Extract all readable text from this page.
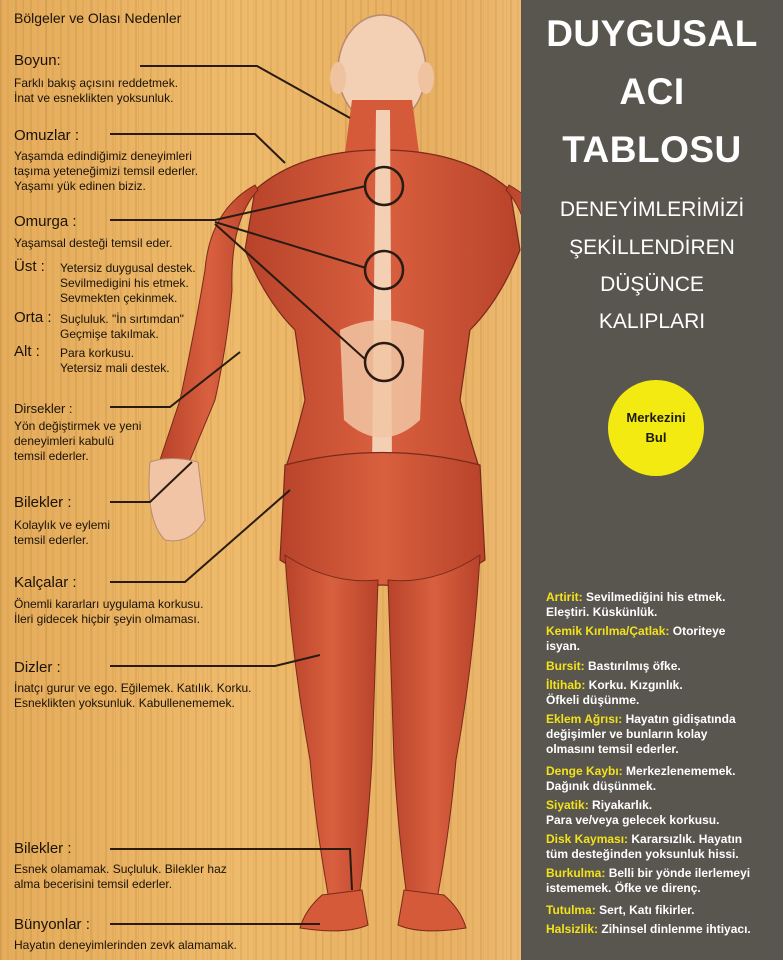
Bölgeler ve Olası Nedenler
Boyun:
Farklı bakış açısını reddetmek.
İnat ve esneklikten yoksunluk.
Omuzlar :
Yaşamda edindiğimiz deneyimleri
taşıma yeteneğimizi temsil ederler.
Yaşamı yük edinen biziz.
Omurga :
Yaşamsal desteği temsil eder.
Üst : Yetersiz duygusal destek.
Sevilmedigini his etmek.
Sevmekten çekinmek.
Orta : Suçluluk. "İn sırtımdan"
Geçmişe takılmak.
Alt : Para korkusu.
Yetersiz mali destek.
Dirsekler :
Yön değiştirmek ve yeni
deneyimleri kabulü
temsil ederler.
Bilekler :
Kolaylık ve eylemi
temsil ederler.
Kalçalar :
Önemli kararları uygulama korkusu.
İleri gidecek hiçbir şeyin olmaması.
Dizler :
İnatçı gurur ve ego. Eğilemek. Katılık. Korku.
Esneklikten yoksunluk. Kabullenememek.
Bilekler :
Esnek olamamak. Suçluluk. Bilekler haz
alma becerisini temsil ederler.
Bünyonlar :
Hayatın deneyimlerinden zevk alamamak.
DUYGUSAL
ACI
TABLOSU
DENEYİMLERİMİZİ
ŞEKİLLENDİREN
DÜŞÜNCE
KALIPLARI
Merkezini
Bul
Artirit: Sevilmediğini his etmek.
Eleştiri. Küskünlük.
Kemik Kırılma/Çatlak: Otoriteye
isyan.
Bursit: Bastırılmış öfke.
İltihab: Korku. Kızgınlık.
Öfkeli düşünme.
Eklem Ağrısı: Hayatın gidişatında
değişimler ve bunların kolay
olmasını temsil ederler.
Denge Kaybı: Merkezlenememek.
Dağınık düşünmek.
Siyatik: Riyakarlık.
Para ve/veya gelecek korkusu.
Disk Kayması: Kararsızlık. Hayatın
tüm desteğinden yoksunluk hissi.
Burkulma: Belli bir yönde ilerlemeyi
istememek. Öfke ve direnç.
Tutulma: Sert, Katı fikirler.
Halsizlik: Zihinsel dinlenme ihtiyacı.
